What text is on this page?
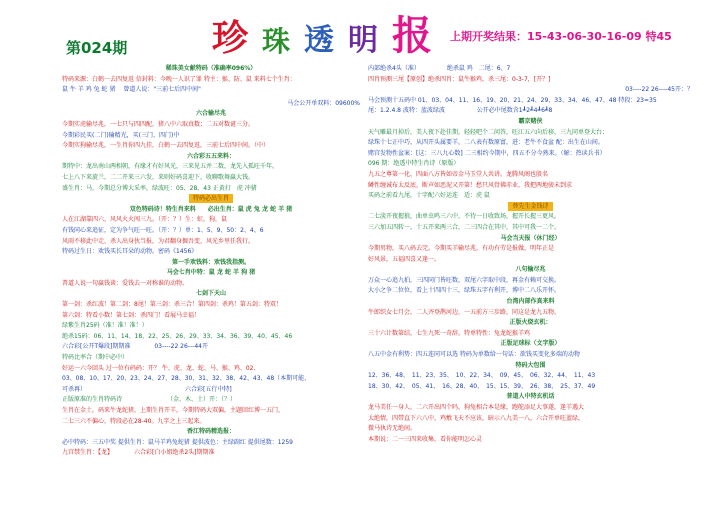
珍 珠 透 明 报
第024期
上期开奖结果：15-43-06-30-16-09 特45
稀珠美女献特码（准确率096%）
特码来源：白鹤一去四复返 信封料：今晚一人识了罪 特主：猴、防、鼠 来料七个生肖：
鼠 牛 羊 鸡 兔 蛇 猪　 曾道人说："三前七后四中间"
马会公开单双料：09600%
六合输尽兆
今期实虎输尽兆，一七只与四四配，猪八中六取真数；二五对数谜三分。
今期彩民买(二门)输精光，买(三门、四门)中
今期实狗输尽兆，一生肖你四九挂，白鹤一去四复返，三前七后四中间。（中）
六合彩五五来料：
期特中：龙出南山两相朝，有缘才有好风光，三来见五并二数，龙先入孤旺千年。
七上八下来旋兰，二二开来三六发，来则好码喜迎下，收聊歌舞赢大钱。
盛生肖：马，今期总分博大采率，绿波旺：05、28、43 正黄打　虎 冲猪
特码必出生肖
双色特码诗！特生肖来料　　必出生肖：鼠 虎 兔 龙 蛇 羊 猪
人在江湖靠四六，风风火火闯三九。（开：？）生：虹，狗，鼠
有钱同心来追征，定为争气旺一旺。（开：？）单：1、5、9、50：2、4、6
风雨不移此中走，杀人出身伙当报，为君翻身掘吾变，风光乡里任我行。
特码过生日：欢钱买长耳朵的动物。密码《1456》
第一手欢钱料：欢钱我指测。
马会七肖中特：鼠 龙 蛇 羊 狗 猪
普道人说一句赢钱谈：爱钱去一对称谁的动物。
七剑下天山
第一剑：杀红波！第二剑：8尾！第三剑：杀三合！第四剑：杀鸡！第五剑：特双！
第六剑：特看小数！第七剑：杀四门！看展马幸福！
绿紫生肖25码（准！准！准！）
绝杀15码：06、11、14、18、22、25、26、29、33、34、36、39、40、45、46
六合彩[公开T爆段]期期准　　　　03----22 26---44开
特码比率合（期中必中）
好运一六今回头 过一位有码码：开？ 牛、虎、龙、蛇、马、猴、鸡、02、
03、08、10、17、20、23、24、27、28、30、31、32、38、42、43、48（本期可能、
可杀再）　　　　　　　　　　　　　　　　　六合彩[五行中特]
正版原准的生肖特码诗　　　　　　　　（金、木、土）开：（？）
生肖在金土，码来牛龙蛇猪，上期生肖开羊，今期特码大双偏，主题回红博一五门，
二七三六不偏心，特段必在28-40。九字之上三起来。
香江特码精选报：
必中特码：三五中奖 提供生肖：鼠马羊鸡兔蛇猪 提供波色：主绿副红 提供尾数：1259
九宫禁生肖：【龙】　　　　六合彩[白小姐绝杀2头]期期准
内部绝杀4头（准）　　　　　绝杀鼠 鸡　二尾：6、7
四肖预测三尾【原创】绝杀四肖：鼠牛猴鸡，杀三尾：0-3-7，[开？]
03----22 26----45开：？
马会预测十五码中 01、03、04、11、16、19、20、21、24、29、33、34、46、47、48 特段：23=35
尾：1.2.4.8 波特：蓝波绿波　　　　　 公开必中尾数含1┹2┹4┹6┹8
霸京赌侠
天气雕最月掉后，美人夜下赴佳期，轻轻吧个二问答，旺江五六向后移，三九同单登大台；
绿珠十七正中巧，从四开头属要羊，二八表有数原富，进：老牛不食盆 配：出生在山间。
赌宫发物性盆案：[这：三八九心数] 二三相约今期中，四五不分今熟来。（解：热读兵书）
096 期：绝透中特生肖诗（原版）
九五之尊第一化，四面八方皆如帝金马玉堂人共讲。龙腾风阁也殷名
鳞性缠诚布太反底，断声如恶泥又开第！愁只风骨佛赤业，我把两地骏未到求
买码之前看九尾，十字配六好运连　适：虎 鼠
替先生金钱诗
二七淡开夜握狼，曲单虫鸣三六中，不待一日收致场，握开长握三更风。
三六加五四转一，十五开来两三合，二三四合在其中，其中可我一二个。
马会当天报（休门经）
今期男物，买八码去完。今期买羊输尽兆，有功有劳是报做，明年正是
好风景，五福四喜又逢一。
八句输尽兆
万众一心追九拍，三四同门皆旺数，双尾六字取中段，再金有赖可交换。
大小之争二位位，看上十四四十三，绿珠五字有利开，博中二八乐开怀。
台湾内部作真来料
牛郎织女七月会，二人齐登鹊河边，一五前方三步路，同这是龙九五物。
正版火烧玄机：
三十六计数第结，七生九死一奇辞。特单特性：兔龙蛇猴羊鸡
正版足球标（文字版）
八五中金有利势：四五连同可以选 特码为单数给一句话：欲钱买变化多端的动物
特码大包围
12、36、48、　11、23、35、　10、22、34、　09、45、　06、32、44、　11、43
18、30、42、　05、41、　16、28、40、　15、15、39、　26、38、　25、37、49
普道人中特玄机话
龙马美任一身人，二六开出四个吗，狗兔相合本是缘，跑舵添足大事遂，逢羊遇大
太绝情，四带直下六八中，鸡敷飞天不应该，暗示八九美一八，六合开单旺蓝绿，
微马执诗无绝间。
本期说：二一三四来收集，看你能明怎心灵
